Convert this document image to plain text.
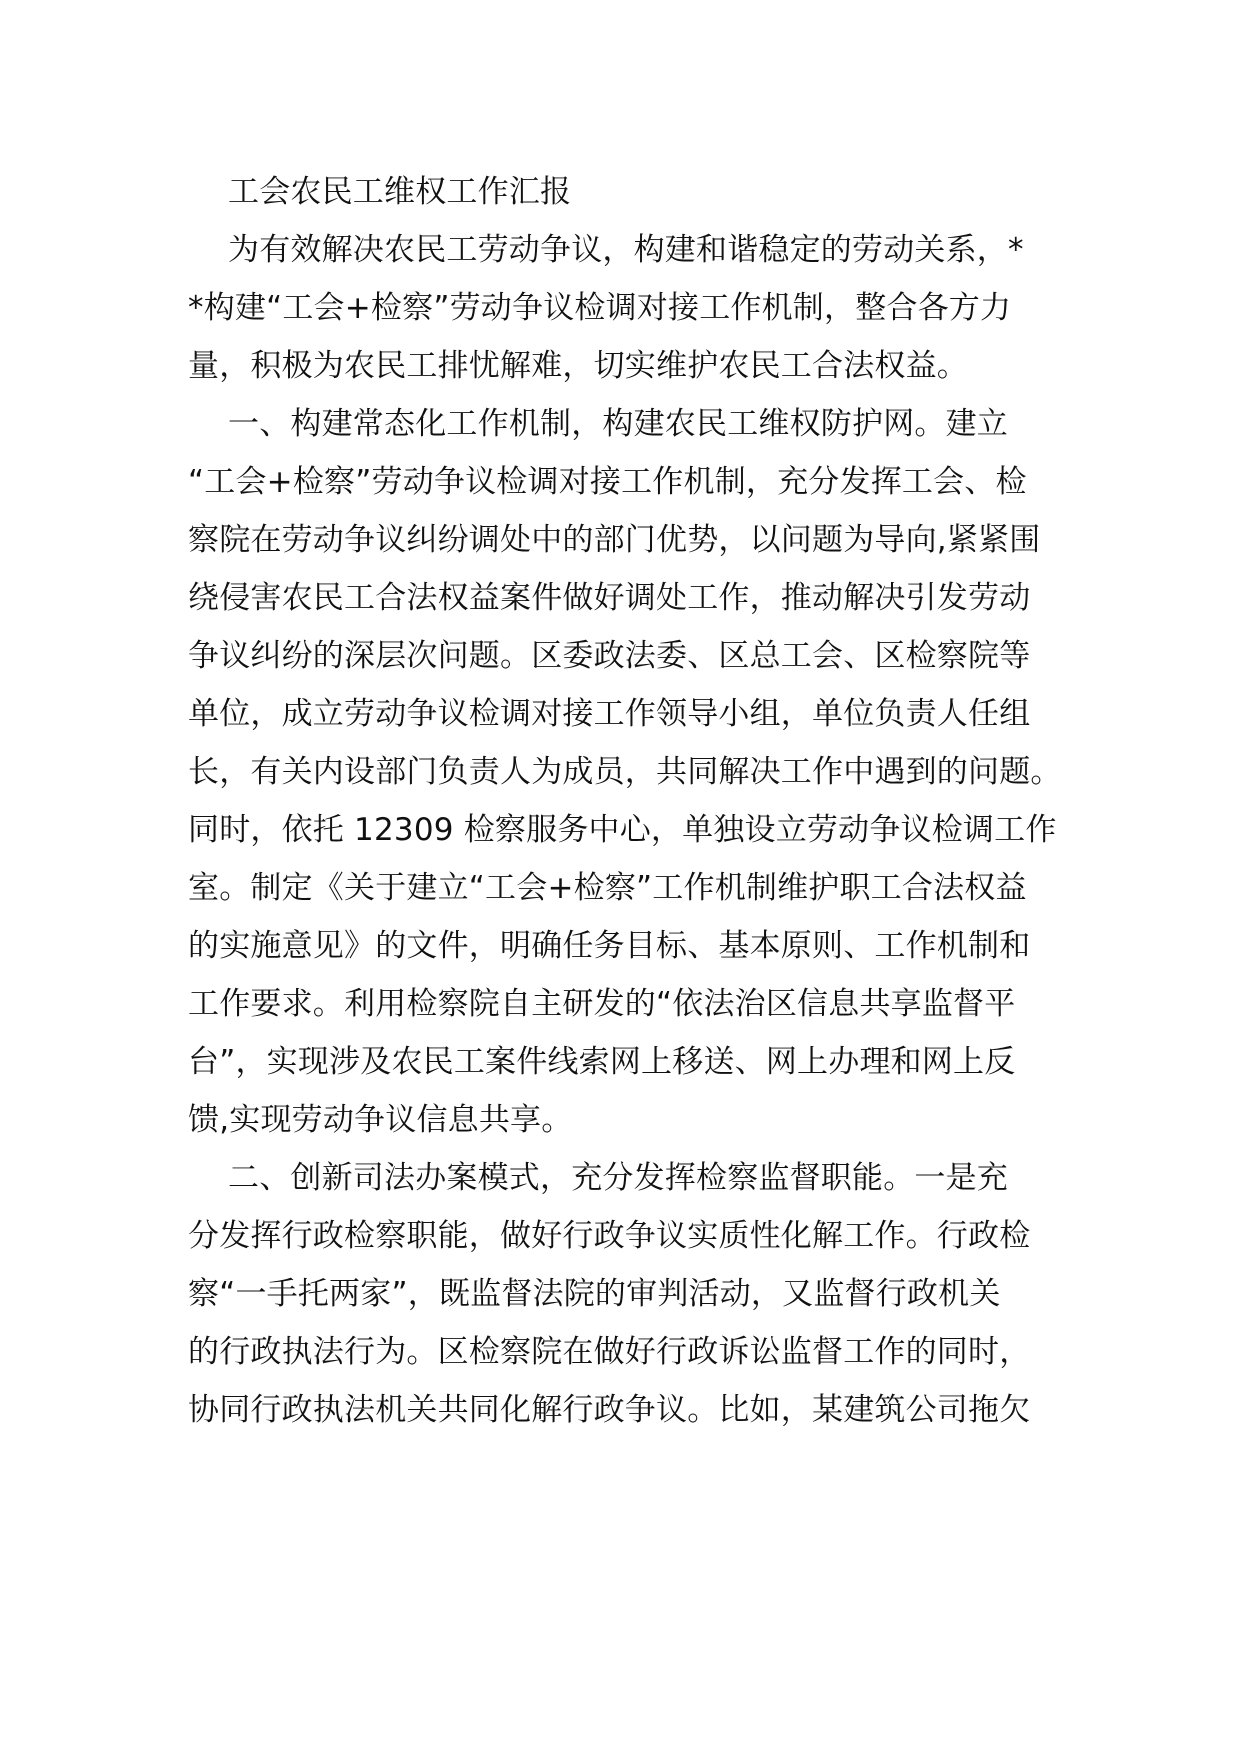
工会农民工维权工作汇报
为有效解决农民工劳动争议，构建和谐稳定的劳动关系，*
*构建“工会+检察”劳动争议检调对接工作机制，整合各方力
量，积极为农民工排忧解难，切实维护农民工合法权益。
一、构建常态化工作机制，构建农民工维权防护网。建立
“工会+检察”劳动争议检调对接工作机制，充分发挥工会、检
察院在劳动争议纠纷调处中的部门优势，以问题为导向,紧紧围
绕侵害农民工合法权益案件做好调处工作，推动解决引发劳动
争议纠纷的深层次问题。区委政法委、区总工会、区检察院等
单位，成立劳动争议检调对接工作领导小组，单位负责人任组
长，有关内设部门负责人为成员，共同解决工作中遇到的问题。
同时，依托 12309 检察服务中心，单独设立劳动争议检调工作
室。制定《关于建立“工会+检察”工作机制维护职工合法权益
的实施意见》的文件，明确任务目标、基本原则、工作机制和
工作要求。利用检察院自主研发的“依法治区信息共享监督平
台”，实现涉及农民工案件线索网上移送、网上办理和网上反
馈,实现劳动争议信息共享。
二、创新司法办案模式，充分发挥检察监督职能。一是充
分发挥行政检察职能，做好行政争议实质性化解工作。行政检
察“一手托两家”，既监督法院的审判活动，又监督行政机关
的行政执法行为。区检察院在做好行政诉讼监督工作的同时，
协同行政执法机关共同化解行政争议。比如，某建筑公司拖欠
